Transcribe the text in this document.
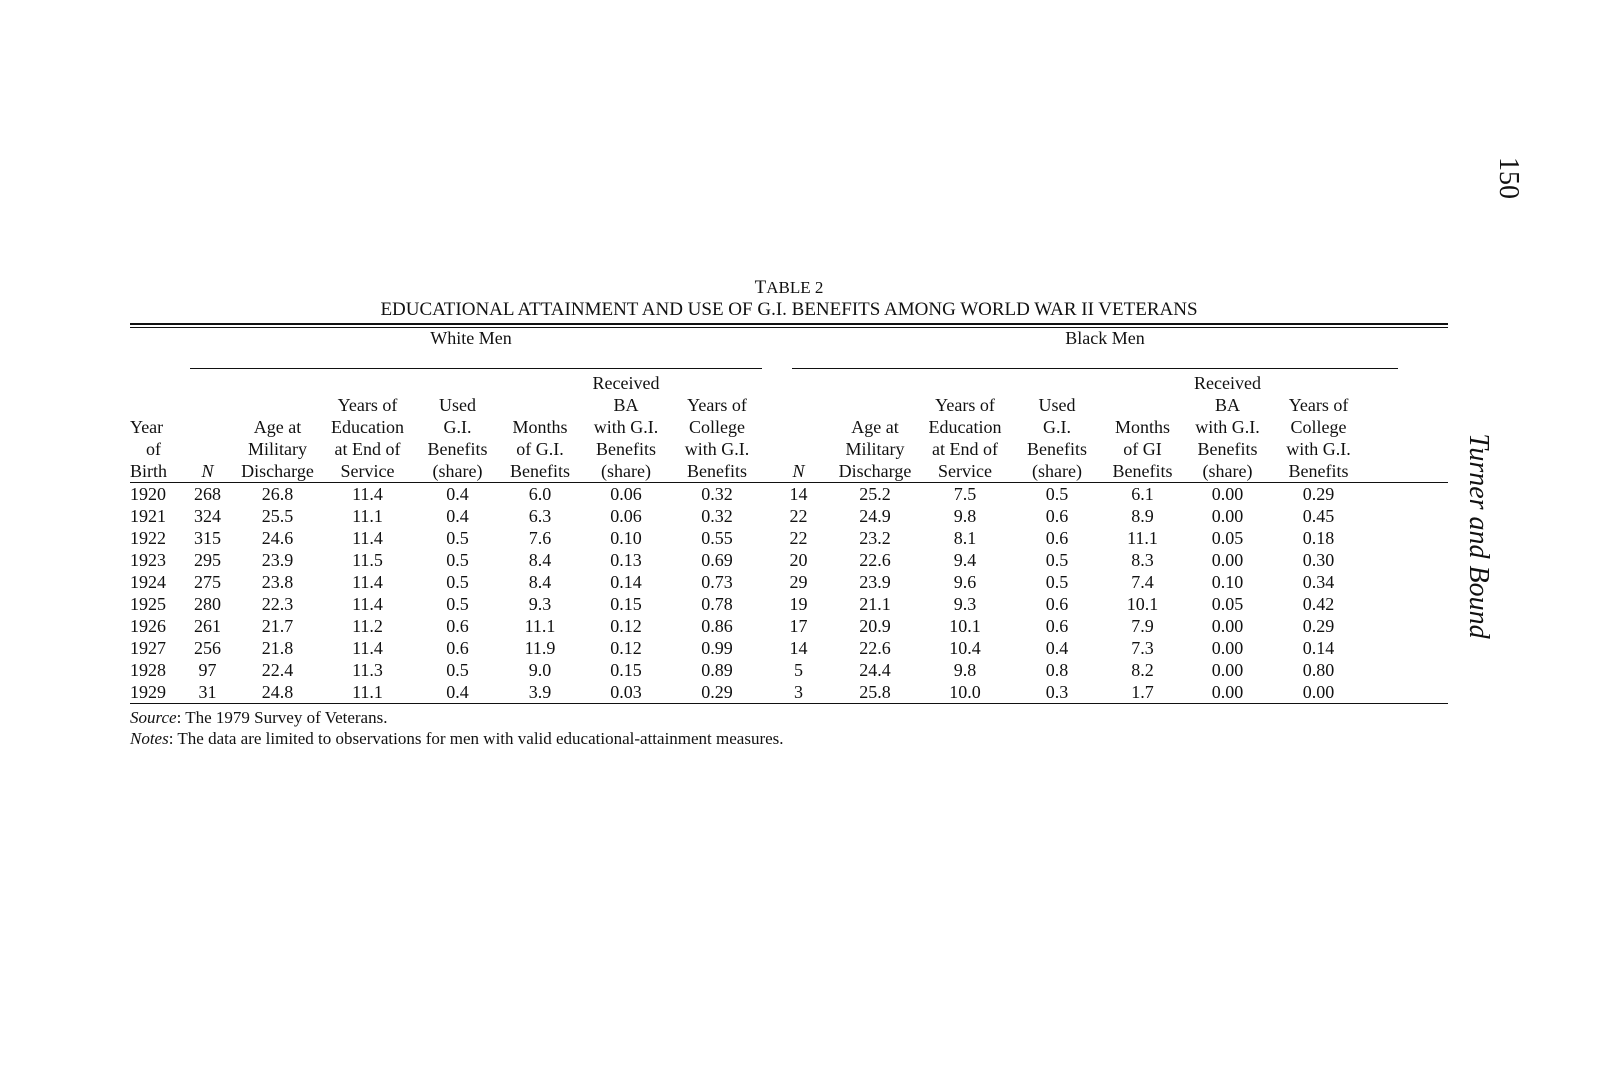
150
Turner and Bound
TABLE 2
EDUCATIONAL ATTAINMENT AND USE OF G.I. BENEFITS AMONG WORLD WAR II VETERANS
	White Men							Black Men						

Year
of
Birth	N	Age at
Military
Discharge	Years of
Education
at End of
Service	Used
G.I.
Benefits
(share)	Months
of G.I.
Benefits	Received
BA
with G.I.
Benefits
(share)	Years of
College
with G.I.
Benefits	N	Age at
Military
Discharge	Years of
Education
at End of
Service	Used
G.I.
Benefits
(share)	Months
of GI
Benefits	Received
BA
with G.I.
Benefits
(share)	Years of
College
with G.I.
Benefits

1920	268	26.8	11.4	0.4	6.0	0.06	0.32	14	25.2	7.5	0.5	6.1	0.00	0.29
1921	324	25.5	11.1	0.4	6.3	0.06	0.32	22	24.9	9.8	0.6	8.9	0.00	0.45
1922	315	24.6	11.4	0.5	7.6	0.10	0.55	22	23.2	8.1	0.6	11.1	0.05	0.18
1923	295	23.9	11.5	0.5	8.4	0.13	0.69	20	22.6	9.4	0.5	8.3	0.00	0.30
1924	275	23.8	11.4	0.5	8.4	0.14	0.73	29	23.9	9.6	0.5	7.4	0.10	0.34
1925	280	22.3	11.4	0.5	9.3	0.15	0.78	19	21.1	9.3	0.6	10.1	0.05	0.42
1926	261	21.7	11.2	0.6	11.1	0.12	0.86	17	20.9	10.1	0.6	7.9	0.00	0.29
1927	256	21.8	11.4	0.6	11.9	0.12	0.99	14	22.6	10.4	0.4	7.3	0.00	0.14
1928	97	22.4	11.3	0.5	9.0	0.15	0.89	5	24.4	9.8	0.8	8.2	0.00	0.80
1929	31	24.8	11.1	0.4	3.9	0.03	0.29	3	25.8	10.0	0.3	1.7	0.00	0.00
Source: The 1979 Survey of Veterans.
Notes: The data are limited to observations for men with valid educational-attainment measures.
